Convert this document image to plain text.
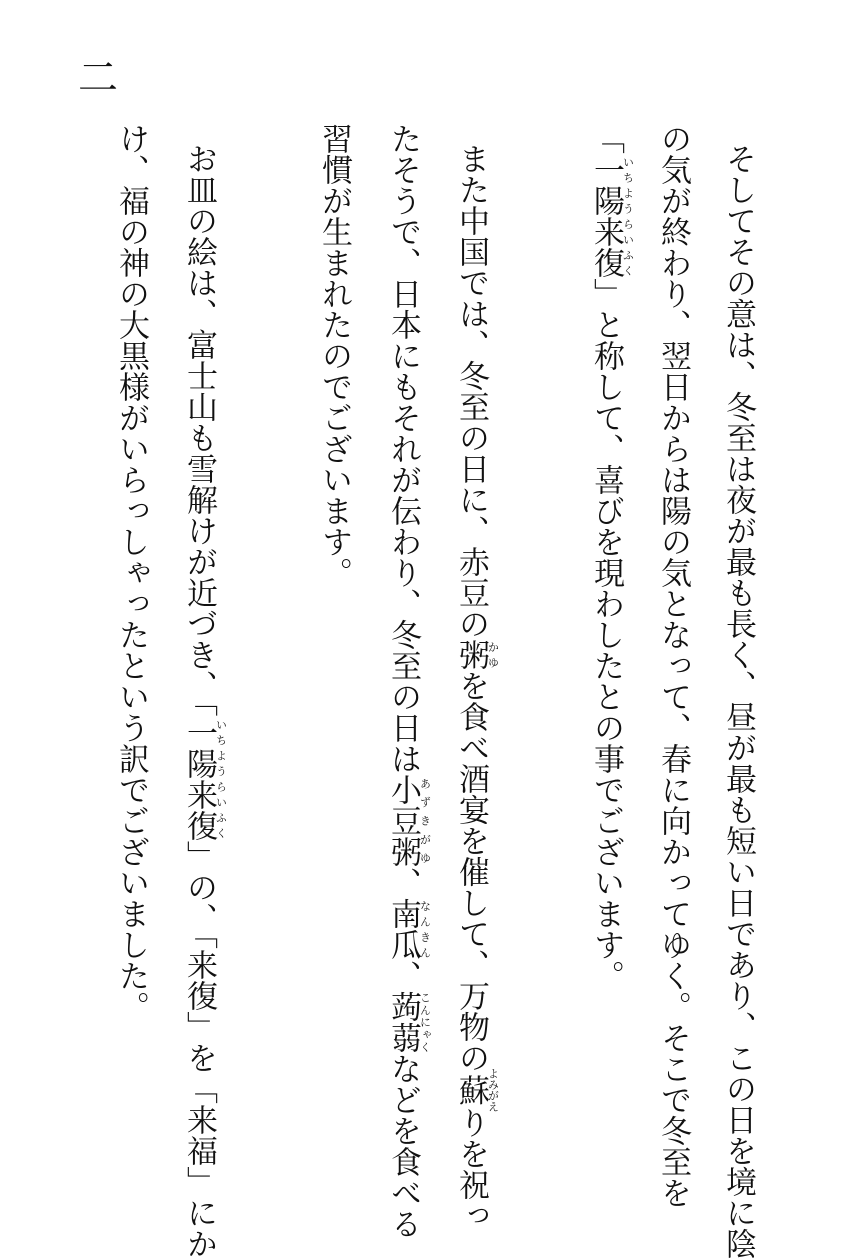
二
そしてその意は、冬至は夜が最も長く、昼が最も短い日であり、この日を境に陰
の気が終わり、翌日からは陽の気となって、春に向かってゆく。そこで冬至を
「一陽来復いちようらいふく」と称して、喜びを現わしたとの事でございます。
また中国では、冬至の日に、赤豆の粥かゆを食べ酒宴を催して、万物の蘇よみがえりを祝っ
たそうで、日本にもそれが伝わり、冬至の日は小豆粥あずきがゆ、南瓜なんきん、蒟蒻こんにゃくなどを食べる
習慣が生まれたのでございます。
お皿の絵は、富士山も雪解けが近づき、「一陽来復いちようらいふく」の、「来復」を「来福」にか
け、福の神の大黒様がいらっしゃったという訳でございました。
